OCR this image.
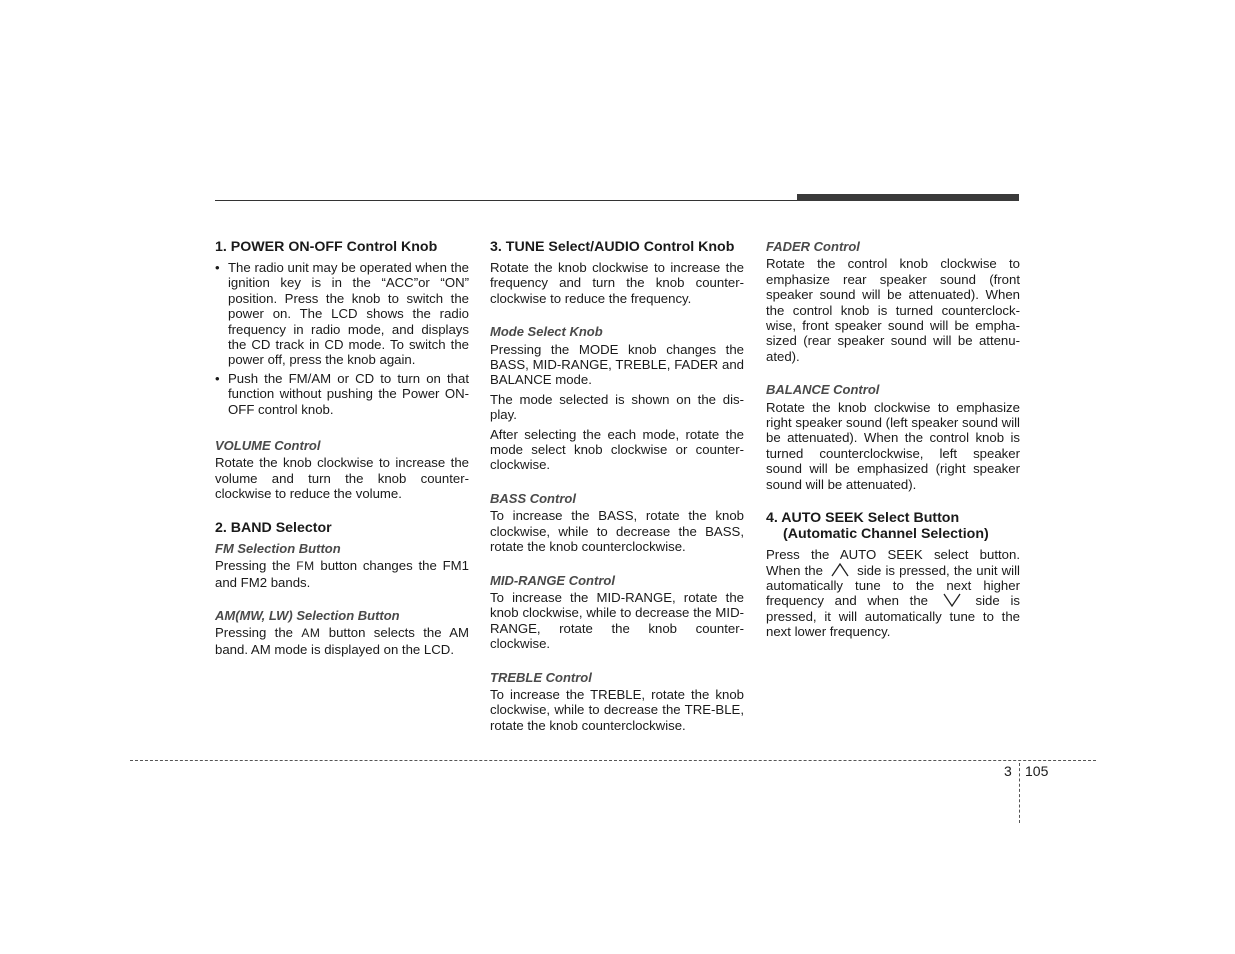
1. POWER ON-OFF Control Knob
• The radio unit may be operated when the ignition key is in the “ACC”or “ON” position. Press the knob to switch the power on. The LCD shows the radio frequency in radio mode, and displays the CD track in CD mode. To switch the power off, press the knob again.
• Push the FM/AM or CD to turn on that function without pushing the Power ON-OFF control knob.
VOLUME Control

Rotate the knob clockwise to increase the volume and turn the knob counter-clockwise to reduce the volume.

2. BAND Selector
FM Selection Button

Pressing the FM button changes the FM1 and FM2 bands.

AM(MW, LW) Selection Button

Pressing the AM button selects the AM band. AM mode is displayed on the LCD.

3. TUNE Select/AUDIO Control Knob

Rotate the knob clockwise to increase the frequency and turn the knob counter-clockwise to reduce the frequency.

Mode Select Knob

Pressing the MODE knob changes the BASS, MID-RANGE, TREBLE, FADER and BALANCE mode.

The mode selected is shown on the dis-play.

After selecting the each mode, rotate the mode select knob clockwise or counter-clockwise.

BASS Control

To increase the BASS, rotate the knob clockwise, while to decrease the BASS, rotate the knob counterclockwise.

MID-RANGE Control

To increase the MID-RANGE, rotate the knob clockwise, while to decrease the MID-RANGE, rotate the knob counter-clockwise.

TREBLE Control

To increase the TREBLE, rotate the knob clockwise, while to decrease the TRE-BLE, rotate the knob counterclockwise.

FADER Control

Rotate the control knob clockwise to emphasize rear speaker sound (front speaker sound will be attenuated). When the control knob is turned counterclock-wise, front speaker sound will be empha-sized (rear speaker sound will be attenu-ated).

BALANCE Control

Rotate the knob clockwise to emphasize right speaker sound (left speaker sound will be attenuated). When the control knob is turned counterclockwise, left speaker sound will be emphasized (right speaker sound will be attenuated).

4. AUTO SEEK Select Button
(Automatic Channel Selection)

Press the AUTO SEEK select button. When the	side is pressed, the unit will automatically tune to the next higher frequency and when the	side is pressed, it will automatically tune to the next lower frequency.

3 105
